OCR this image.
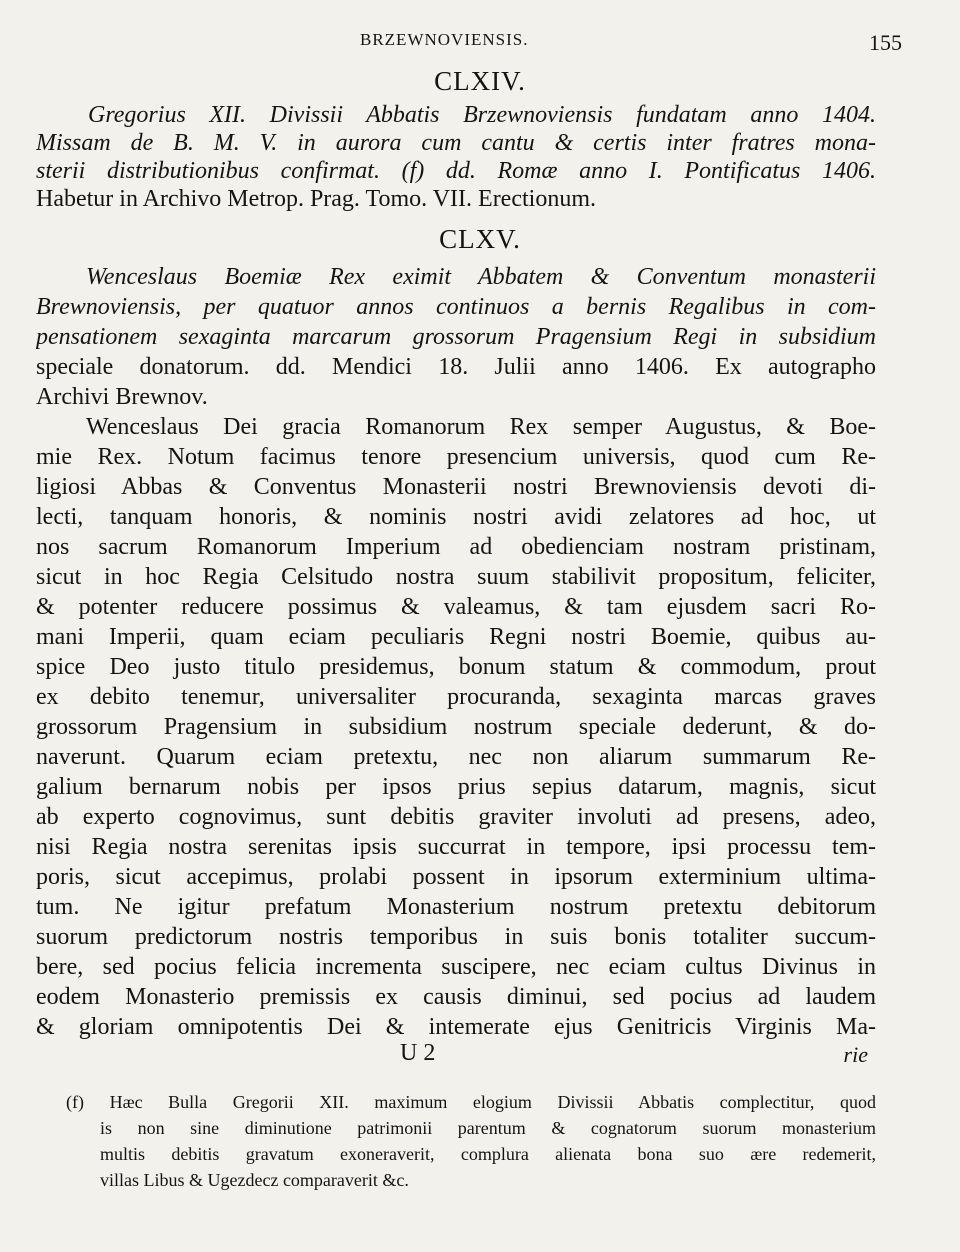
BRZEWNOVIENSIS.	155
CLXIV.
Gregorius XII. Divissii Abbatis Brzewnoviensis fundatam anno 1404.
Missam de B. M. V. in aurora cum cantu & certis inter fratres mona-
sterii distributionibus confirmat. (f) dd. Romæ anno I. Pontificatus 1406.
Habetur in Archivo Metrop. Prag. Tomo. VII. Erectionum.
CLXV.
Wenceslaus Boemiæ Rex eximit Abbatem & Conventum monasterii
Brewnoviensis, per quatuor annos continuos a bernis Regalibus in com-
pensationem sexaginta marcarum grossorum Pragensium Regi in subsidium
speciale donatorum. dd. Mendici 18. Julii anno 1406. Ex autographo
Archivi Brewnov.
Wenceslaus Dei gracia Romanorum Rex semper Augustus, & Boe-
mie Rex. Notum facimus tenore presencium universis, quod cum Re-
ligiosi Abbas & Conventus Monasterii nostri Brewnoviensis devoti di-
lecti, tanquam honoris, & nominis nostri avidi zelatores ad hoc, ut
nos sacrum Romanorum Imperium ad obedienciam nostram pristinam,
sicut in hoc Regia Celsitudo nostra suum stabilivit propositum, feliciter,
& potenter reducere possimus & valeamus, & tam ejusdem sacri Ro-
mani Imperii, quam eciam peculiaris Regni nostri Boemie, quibus au-
spice Deo justo titulo presidemus, bonum statum & commodum, prout
ex debito tenemur, universaliter procuranda, sexaginta marcas graves
grossorum Pragensium in subsidium nostrum speciale dederunt, & do-
naverunt. Quarum eciam pretextu, nec non aliarum summarum Re-
galium bernarum nobis per ipsos prius sepius datarum, magnis, sicut
ab experto cognovimus, sunt debitis graviter involuti ad presens, adeo,
nisi Regia nostra serenitas ipsis succurrat in tempore, ipsi processu tem-
poris, sicut accepimus, prolabi possent in ipsorum exterminium ultima-
tum. Ne igitur prefatum Monasterium nostrum pretextu debitorum
suorum predictorum nostris temporibus in suis bonis totaliter succum-
bere, sed pocius felicia incrementa suscipere, nec eciam cultus Divinus in
eodem Monasterio premissis ex causis diminui, sed pocius ad laudem
& gloriam omnipotentis Dei & intemerate ejus Genitricis Virginis Ma-
U 2	rie
(f) Hæc Bulla Gregorii XII. maximum elogium Divissii Abbatis complectitur, quod
is non sine diminutione patrimonii parentum & cognatorum suorum monasterium
multis debitis gravatum exoneraverit, complura alienata bona suo ære redemerit,
villas Libus & Ugezdecz comparaverit &c.
